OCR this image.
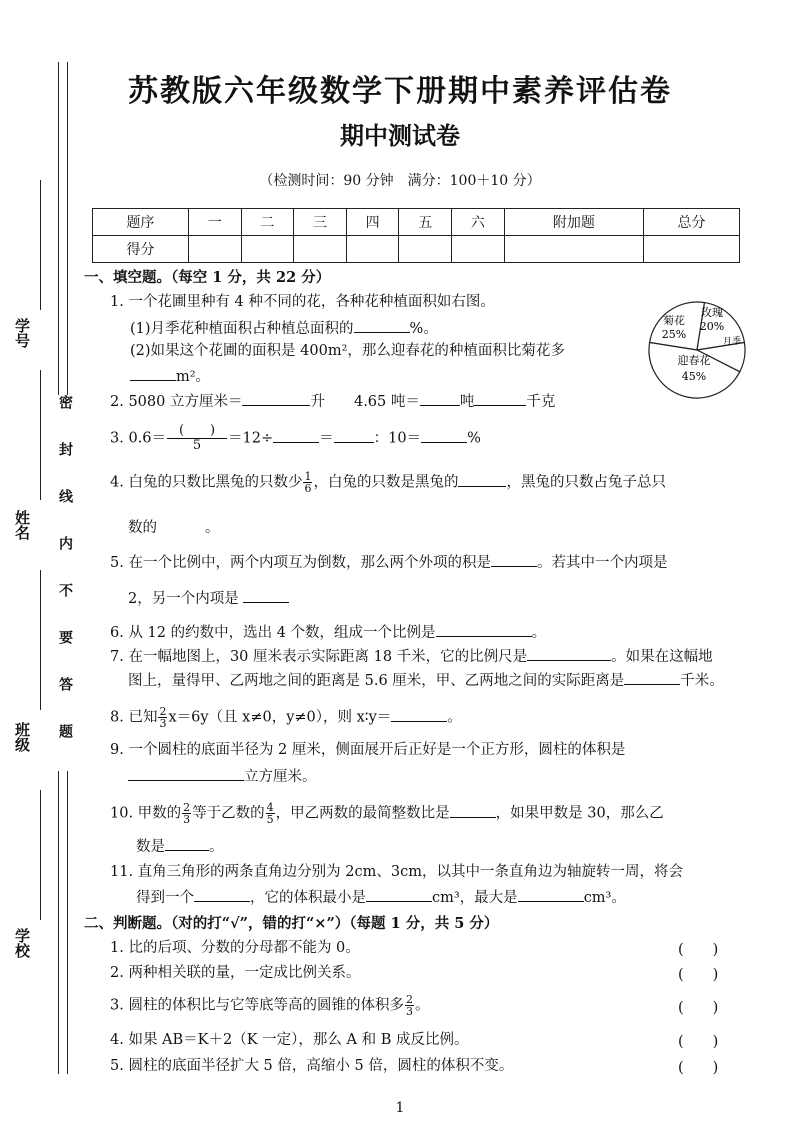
学号
姓名
班级
学校
密封线内不要答题
苏教版六年级数学下册期中素养评估卷
期中测试卷
（检测时间：90 分钟　满分：100＋10 分）
题序	一	二	三	四	五	六	附加题	总分
得分								
一、填空题。（每空 1 分，共 22 分）
1. 一个花圃里种有 4 种不同的花，各种花种植面积如右图。
(1)月季花种植面积占种植总面积的	%。
(2)如果这个花圃的面积是 400m²，那么迎春花的种植面积比菊花多
m²。
菊花
25%
玫瑰
20%
月季
迎春花
45%
2. 5080 立方厘米＝	升　　4.65 吨＝	吨	千克
3. $0.6= \frac{( )}{5} =12\div$	＝	：10＝	%
4. 白兔的只数比黑兔的只数少 $\frac{1}{6}$ ，白兔的只数是黑兔的	，黑兔的只数占兔子总只
数的	。
5. 在一个比例中，两个内项互为倒数，那么两个外项的积是	。若其中一个内项是
2，另一个内项是
6. 从 12 的约数中，选出 4 个数，组成一个比例是	。
7. 在一幅地图上，30 厘米表示实际距离 18 千米，它的比例尺是	。如果在这幅地
图上，量得甲、乙两地之间的距离是 5.6 厘米，甲、乙两地之间的实际距离是	千米。
8. 已知 $\frac{2}{3} x=6y$（且 x≠0，y≠0），则 x∶y＝	。
9. 一个圆柱的底面半径为 2 厘米，侧面展开后正好是一个正方形，圆柱的体积是
立方厘米。
10. 甲数的 $\frac{2}{3}$ 等于乙数的 $\frac{4}{5}$ ，甲乙两数的最简整数比是	，如果甲数是 30，那么乙
数是	。
11. 直角三角形的两条直角边分别为 2cm、3cm，以其中一条直角边为轴旋转一周，将会
得到一个	，它的体积最小是	cm³，最大是	cm³。
二、判断题。（对的打“√”，错的打“×”）（每题 1 分，共 5 分）
1. 比的后项、分数的分母都不能为 0。	(　　)
2. 两种相关联的量，一定成比例关系。	(　　)
3. 圆柱的体积比与它等底等高的圆锥的体积多 $\frac{2}{3}$ 。	(　　)
4. 如果 AB＝K＋2（K 一定），那么 A 和 B 成反比例。	(　　)
5. 圆柱的底面半径扩大 5 倍，高缩小 5 倍，圆柱的体积不变。	(　　)
1
